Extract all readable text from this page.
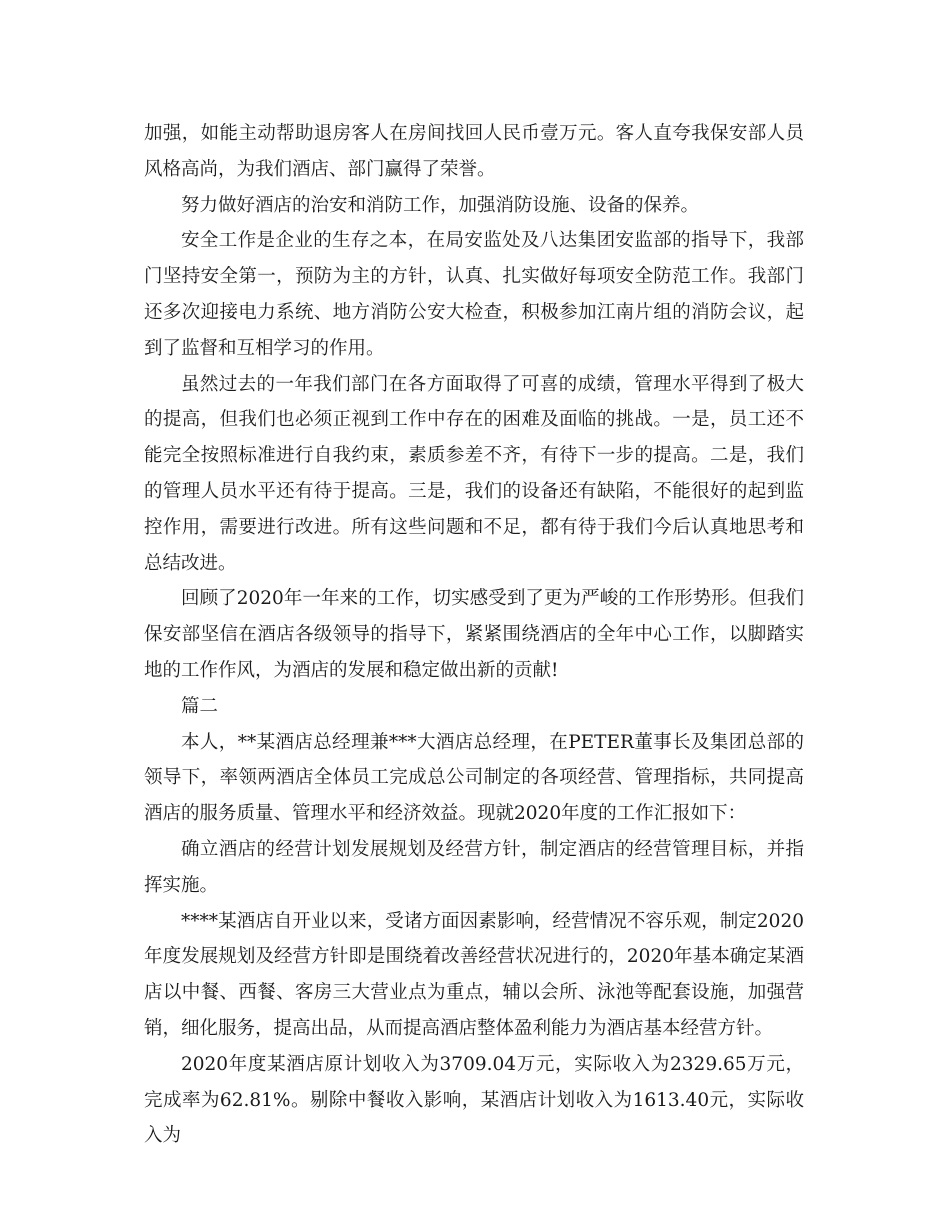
加强，如能主动帮助退房客人在房间找回人民币壹万元。客人直夸我保安部人员风格高尚，为我们酒店、部门赢得了荣誉。

努力做好酒店的治安和消防工作，加强消防设施、设备的保养。

安全工作是企业的生存之本，在局安监处及八达集团安监部的指导下，我部门坚持安全第一，预防为主的方针，认真、扎实做好每项安全防范工作。我部门还多次迎接电力系统、地方消防公安大检查，积极参加江南片组的消防会议，起到了监督和互相学习的作用。

虽然过去的一年我们部门在各方面取得了可喜的成绩，管理水平得到了极大的提高，但我们也必须正视到工作中存在的困难及面临的挑战。一是，员工还不能完全按照标准进行自我约束，素质参差不齐，有待下一步的提高。二是，我们的管理人员水平还有待于提高。三是，我们的设备还有缺陷，不能很好的起到监控作用，需要进行改进。所有这些问题和不足，都有待于我们今后认真地思考和总结改进。

回顾了2020年一年来的工作，切实感受到了更为严峻的工作形势形。但我们保安部坚信在酒店各级领导的指导下，紧紧围绕酒店的全年中心工作，以脚踏实地的工作作风，为酒店的发展和稳定做出新的贡献!

篇二

本人，**某酒店总经理兼***大酒店总经理，在PETER董事长及集团总部的领导下，率领两酒店全体员工完成总公司制定的各项经营、管理指标，共同提高酒店的服务质量、管理水平和经济效益。现就2020年度的工作汇报如下：

确立酒店的经营计划发展规划及经营方针，制定酒店的经营管理目标，并指挥实施。

****某酒店自开业以来，受诸方面因素影响，经营情况不容乐观，制定2020年度发展规划及经营方针即是围绕着改善经营状况进行的，2020年基本确定某酒店以中餐、西餐、客房三大营业点为重点，辅以会所、泳池等配套设施，加强营销，细化服务，提高出品，从而提高酒店整体盈利能力为酒店基本经营方针。

2020年度某酒店原计划收入为3709.04万元，实际收入为2329.65万元，完成率为62.81%。剔除中餐收入影响，某酒店计划收入为1613.40元，实际收入为
